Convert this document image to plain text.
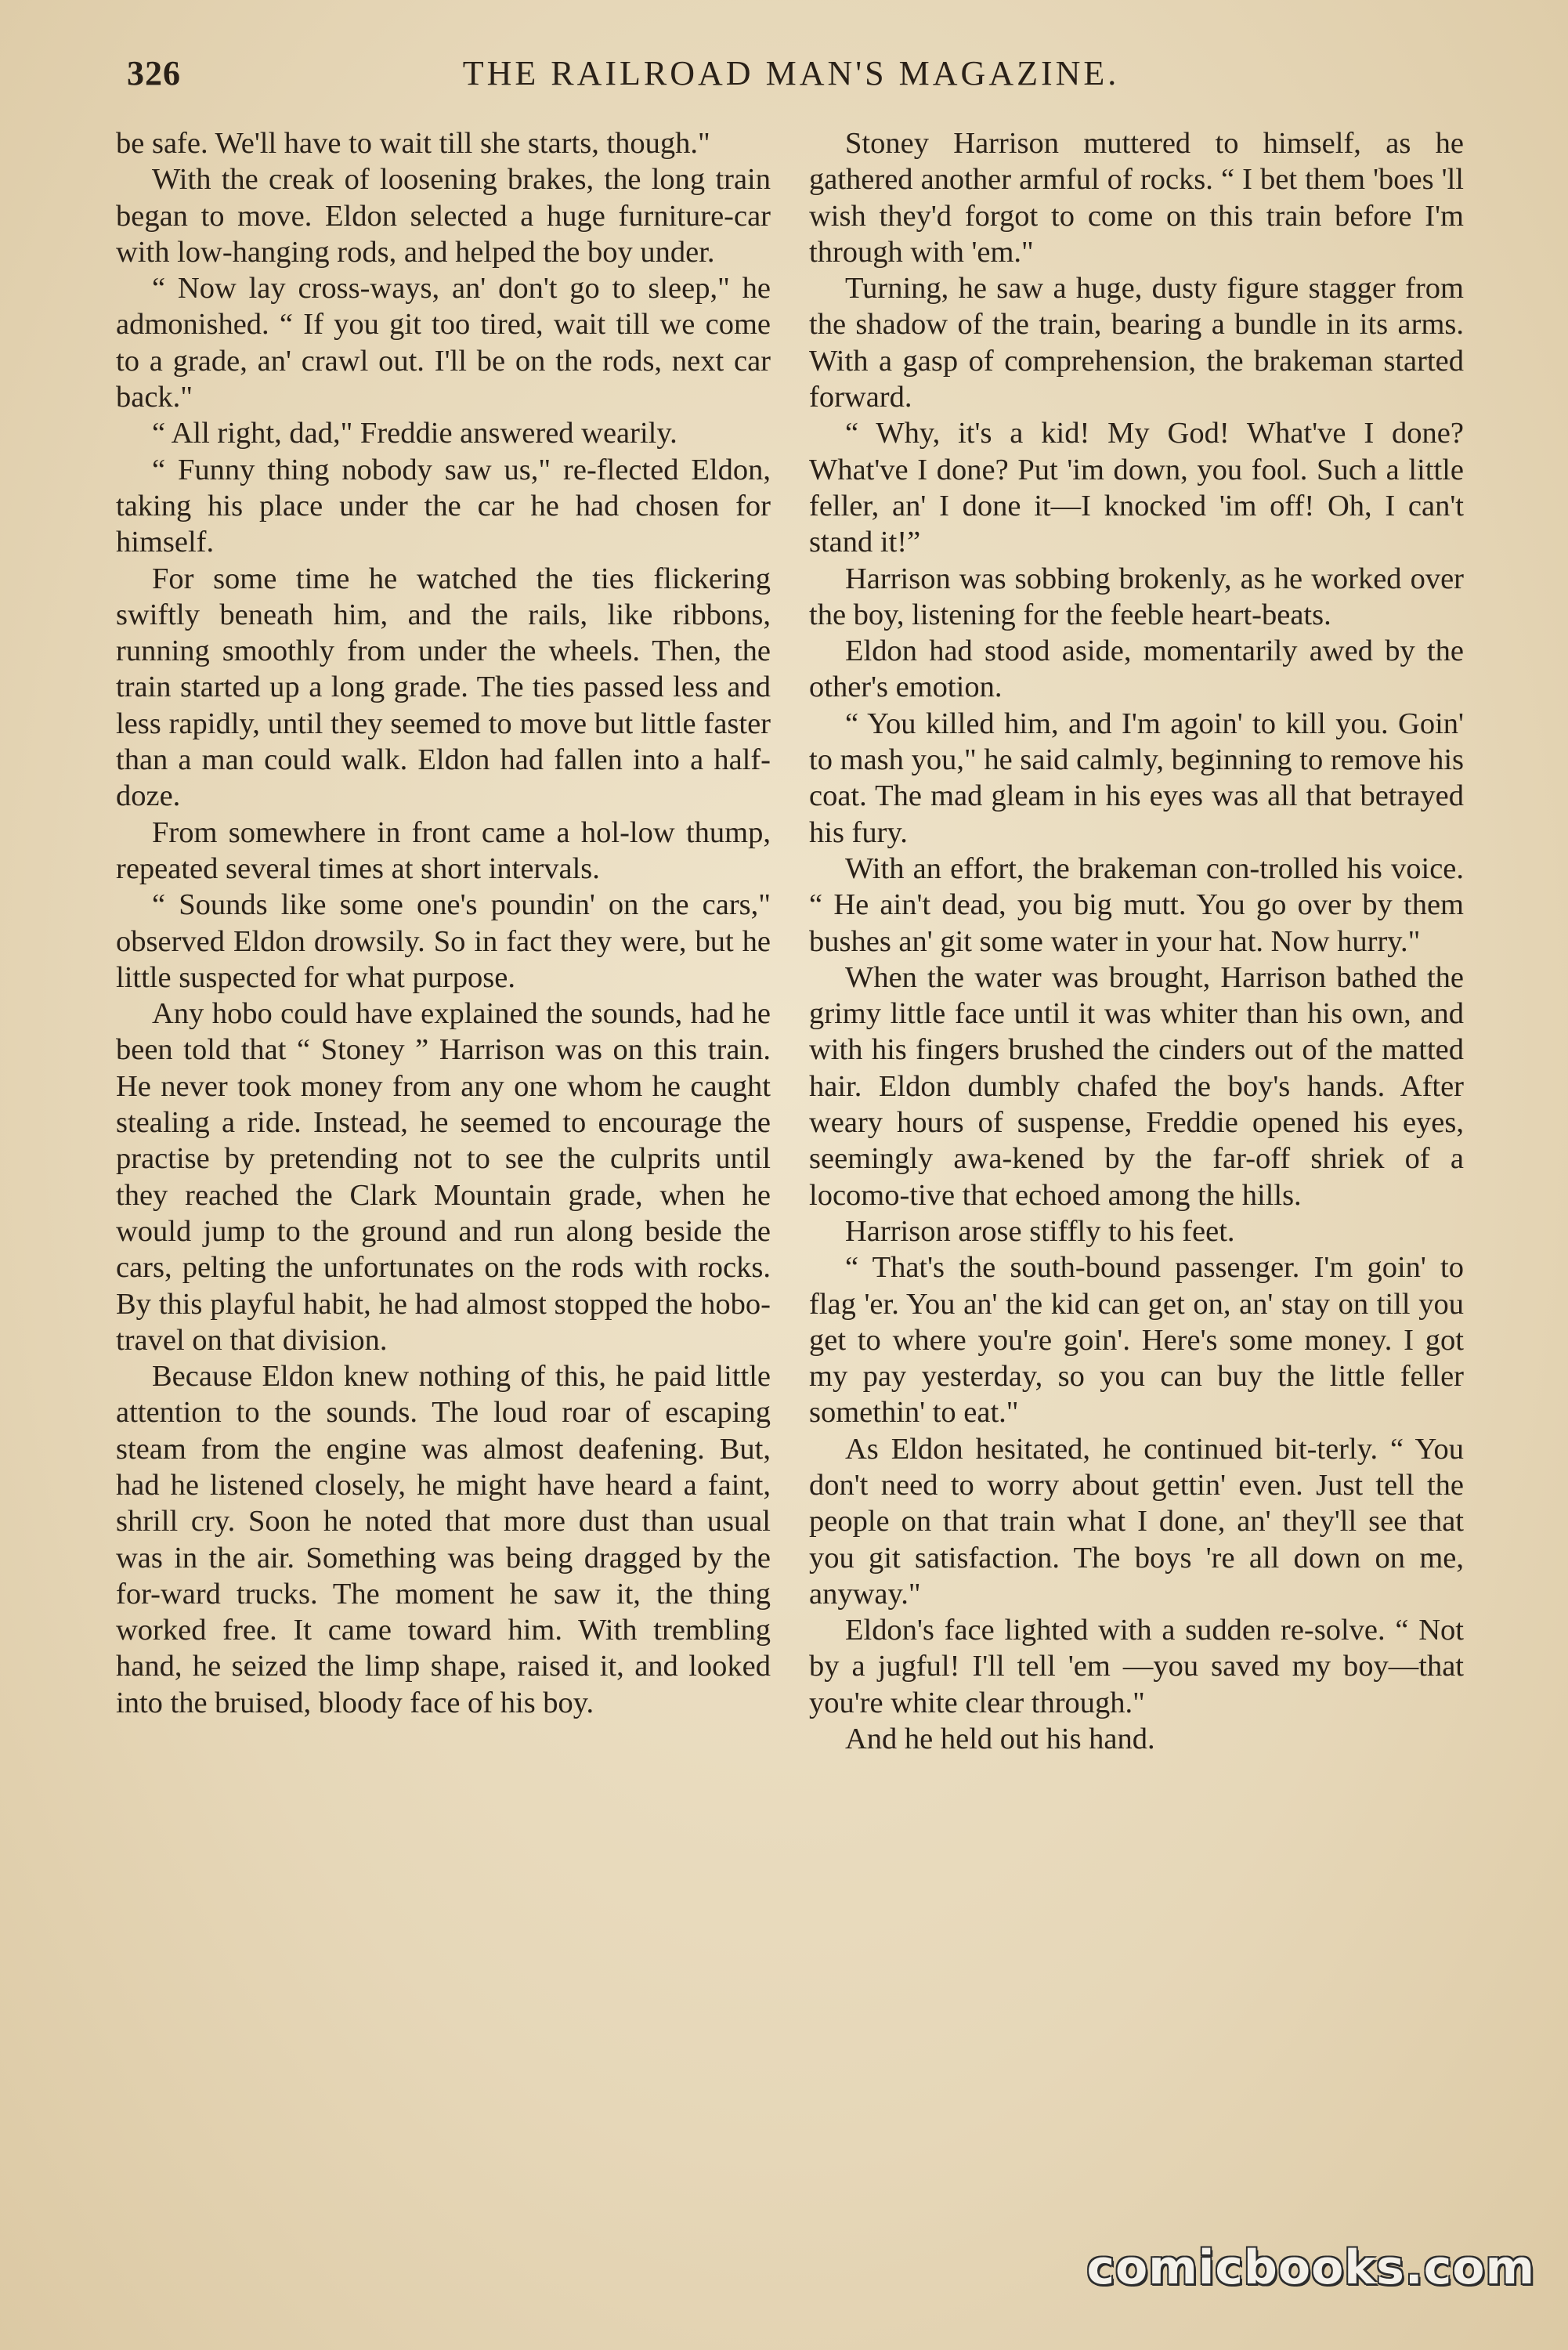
326	THE RAILROAD MAN'S MAGAZINE.

be safe. We'll have to wait till she starts, though."

With the creak of loosening brakes, the long train began to move. Eldon selected a huge furniture-car with low-hanging rods, and helped the boy under.

“ Now lay cross-ways, an' don't go to sleep," he admonished. “ If you git too tired, wait till we come to a grade, an' crawl out. I'll be on the rods, next car back."

“ All right, dad," Freddie answered wearily.

“ Funny thing nobody saw us," re-flected Eldon, taking his place under the car he had chosen for himself.

For some time he watched the ties flickering swiftly beneath him, and the rails, like ribbons, running smoothly from under the wheels. Then, the train started up a long grade. The ties passed less and less rapidly, until they seemed to move but little faster than a man could walk. Eldon had fallen into a half-doze.

From somewhere in front came a hol-low thump, repeated several times at short intervals.

“ Sounds like some one's poundin' on the cars," observed Eldon drowsily. So in fact they were, but he little suspected for what purpose.

Any hobo could have explained the sounds, had he been told that “ Stoney ” Harrison was on this train. He never took money from any one whom he caught stealing a ride. Instead, he seemed to encourage the practise by pretending not to see the culprits until they reached the Clark Mountain grade, when he would jump to the ground and run along beside the cars, pelting the unfortunates on the rods with rocks. By this playful habit, he had almost stopped the hobo-travel on that division.

Because Eldon knew nothing of this, he paid little attention to the sounds. The loud roar of escaping steam from the engine was almost deafening. But, had he listened closely, he might have heard a faint, shrill cry. Soon he noted that more dust than usual was in the air. Something was being dragged by the for-ward trucks. The moment he saw it, the thing worked free. It came toward him. With trembling hand, he seized the limp shape, raised it, and looked into the bruised, bloody face of his boy.

Stoney Harrison muttered to himself, as he gathered another armful of rocks. “ I bet them 'boes 'll wish they'd forgot to come on this train before I'm through with 'em."

Turning, he saw a huge, dusty figure stagger from the shadow of the train, bearing a bundle in its arms. With a gasp of comprehension, the brakeman started forward.

“ Why, it's a kid! My God! What've I done? What've I done? Put 'im down, you fool. Such a little feller, an' I done it—I knocked 'im off! Oh, I can't stand it!”

Harrison was sobbing brokenly, as he worked over the boy, listening for the feeble heart-beats.

Eldon had stood aside, momentarily awed by the other's emotion.

“ You killed him, and I'm agoin' to kill you. Goin' to mash you," he said calmly, beginning to remove his coat. The mad gleam in his eyes was all that betrayed his fury.

With an effort, the brakeman con-trolled his voice. “ He ain't dead, you big mutt. You go over by them bushes an' git some water in your hat. Now hurry."

When the water was brought, Harrison bathed the grimy little face until it was whiter than his own, and with his fingers brushed the cinders out of the matted hair. Eldon dumbly chafed the boy's hands. After weary hours of suspense, Freddie opened his eyes, seemingly awa-kened by the far-off shriek of a locomo-tive that echoed among the hills.

Harrison arose stiffly to his feet.

“ That's the south-bound passenger. I'm goin' to flag 'er. You an' the kid can get on, an' stay on till you get to where you're goin'. Here's some money. I got my pay yesterday, so you can buy the little feller somethin' to eat."

As Eldon hesitated, he continued bit-terly. “ You don't need to worry about gettin' even. Just tell the people on that train what I done, an' they'll see that you git satisfaction. The boys 're all down on me, anyway."

Eldon's face lighted with a sudden re-solve. “ Not by a jugful! I'll tell 'em —you saved my boy—that you're white clear through."

And he held out his hand.

comicbooks.com
